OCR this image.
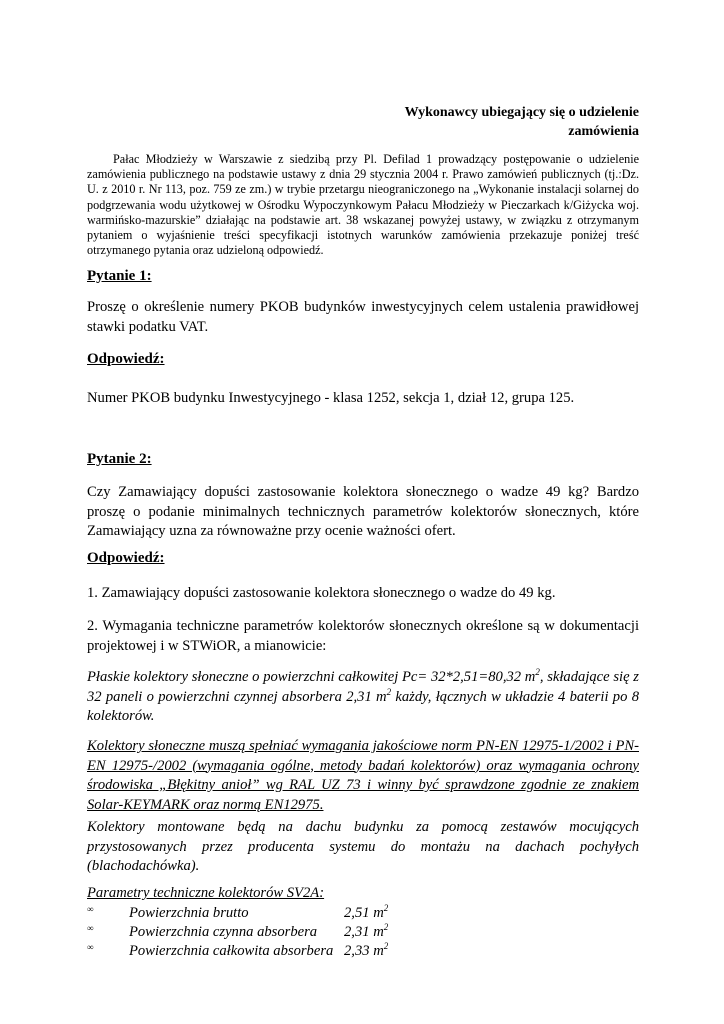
Wykonawcy ubiegający się o udzielenie
zamówienia

Pałac Młodzieży w Warszawie z siedzibą przy Pl. Defilad 1 prowadzący postępowanie o udzielenie zamówienia publicznego na podstawie ustawy z dnia 29 stycznia 2004 r. Prawo zamówień publicznych (tj.:Dz. U. z 2010 r. Nr 113, poz. 759 ze zm.) w trybie przetargu nieograniczonego na „Wykonanie instalacji solarnej do podgrzewania wodu użytkowej w Ośrodku Wypoczynkowym Pałacu Młodzieży w Pieczarkach k/Giżycka woj. warmińsko-mazurskie” działając na podstawie art. 38 wskazanej powyżej ustawy, w związku z otrzymanym pytaniem o wyjaśnienie treści specyfikacji istotnych warunków zamówienia przekazuje poniżej treść otrzymanego pytania oraz udzieloną odpowiedź.

Pytanie 1:

Proszę o określenie numery PKOB budynków inwestycyjnych celem ustalenia prawidłowej stawki podatku VAT.

Odpowiedź:

Numer PKOB budynku Inwestycyjnego - klasa 1252, sekcja 1, dział 12, grupa 125.

Pytanie 2:

Czy Zamawiający dopuści zastosowanie kolektora słonecznego o wadze 49 kg? Bardzo proszę o podanie minimalnych technicznych parametrów kolektorów słonecznych, które Zamawiający uzna za równoważne przy ocenie ważności ofert.

Odpowiedź:

1. Zamawiający dopuści zastosowanie kolektora słonecznego o wadze do 49 kg.

2. Wymagania techniczne parametrów kolektorów słonecznych określone są w dokumentacji projektowej i w STWiOR, a mianowicie:

Płaskie kolektory słoneczne o powierzchni całkowitej Pc= 32*2,51=80,32 $m^2$, składające się z 32 paneli o powierzchni czynnej absorbera 2,31 $m^2$ każdy, łącznych w układzie 4 baterii po 8 kolektorów.

Kolektory słoneczne muszą spełniać wymagania jakościowe norm PN-EN 12975-1/2002 i PN-EN 12975-/2002 (wymagania ogólne, metody badań kolektorów) oraz wymagania ochrony środowiska „Błękitny anioł” wg RAL UZ 73 i winny być sprawdzone zgodnie ze znakiem Solar-KEYMARK oraz normą EN12975.

Kolektory montowane będą na dachu budynku za pomocą zestawów mocujących przystosowanych przez producenta systemu do montażu na dachach pochyłych (blachodachówka).

Parametry techniczne kolektorów SV2A:

∞ Powierzchnia brutto	2,51 $m^2$
∞ Powierzchnia czynna absorbera 2,31 $m^2$
∞ Powierzchnia całkowita absorbera 2,33 $m^2$
